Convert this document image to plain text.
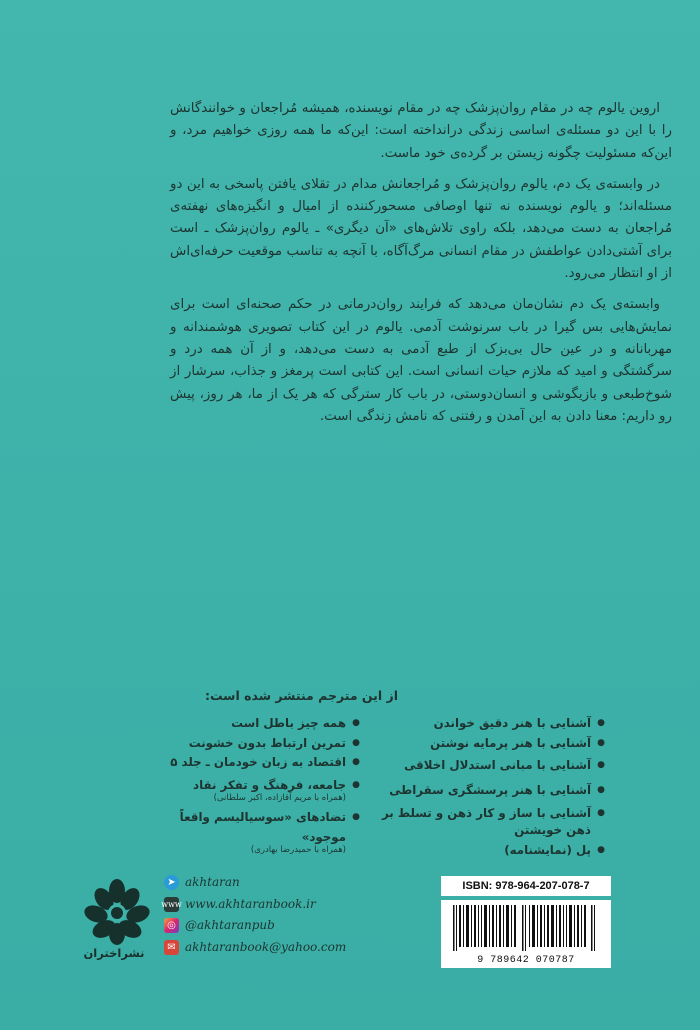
اروین یالوم چه در مقام روان‌پزشک چه در مقام نویسنده، همیشه مُراجعان و خوانندگانش را با این دو مسئله‌ی اساسی زندگی درانداخته است: این‌که ما همه روزی خواهیم مرد، و این‌که مسئولیت چگونه زیستن بر گرده‌ی خود ماست.

در وابسته‌ی یک دم، یالوم روان‌پزشک و مُراجعانش مدام در تقلای یافتن پاسخی به این دو مسئله‌اند؛ و یالوم نویسنده نه تنها اوصافی مسحورکننده از امیال و انگیزه‌های نهفته‌ی مُراجعان به دست می‌دهد، بلکه راوی تلاش‌های «آن دیگری» ـ یالوم روان‌پزشک ـ است برای آشتی‌دادن عواطفش در مقام انسانی مرگ‌آگاه، با آنچه به تناسب موقعیت حرفه‌ای‌اش از او انتظار می‌رود.

وابسته‌ی یک دم نشان‌مان می‌دهد که فرایند روان‌درمانی در حکم صحنه‌ای است برای نمایش‌هایی بس گیرا در باب سرنوشت آدمی. یالوم در این کتاب تصویری هوشمندانه و مهربانانه و در عین حال بی‌بزک از طبع آدمی به دست می‌دهد، و از آن همه درد و سرگشتگی و امید که ملازم حیات انسانی است. این کتابی است پرمغز و جذاب، سرشار از شوخ‌طبعی و بازیگوشی و انسان‌دوستی، در باب کار سترگی که هر یک از ما، هر روز، پیش رو داریم: معنا دادن به این آمدن و رفتنی که نامش زندگی است.

از این مترجم منتشر شده است:
● آشنایی با هنر دقیق خواندن
● آشنایی با هنر پرمایه نوشتن
● آشنایی با مبانی استدلال اخلاقی
● آشنایی با هنر پرسشگری سقراطی
● آشنایی با ساز و کار ذهن و تسلط بر ذهن خویشتن
● پل (نمایشنامه)
● همه چیز باطل است
● تمرین ارتباط بدون خشونت
● اقتصاد به زبان خودمان ـ جلد ۵
● جامعه، فرهنگ و تفکر نقاد
(همراه با مریم آقازاده، اکبر سلطانی)
● تضادهای «سوسیالیسم واقعاً موجود»
(همراه با حمیدرضا بهادری)
نشراختران
➤ akhtaran
www www.akhtaranbook.ir
◎ @akhtaranpub
✉ akhtaranbook@yahoo.com
ISBN: 978-964-207-078-7
9 789642 070787
